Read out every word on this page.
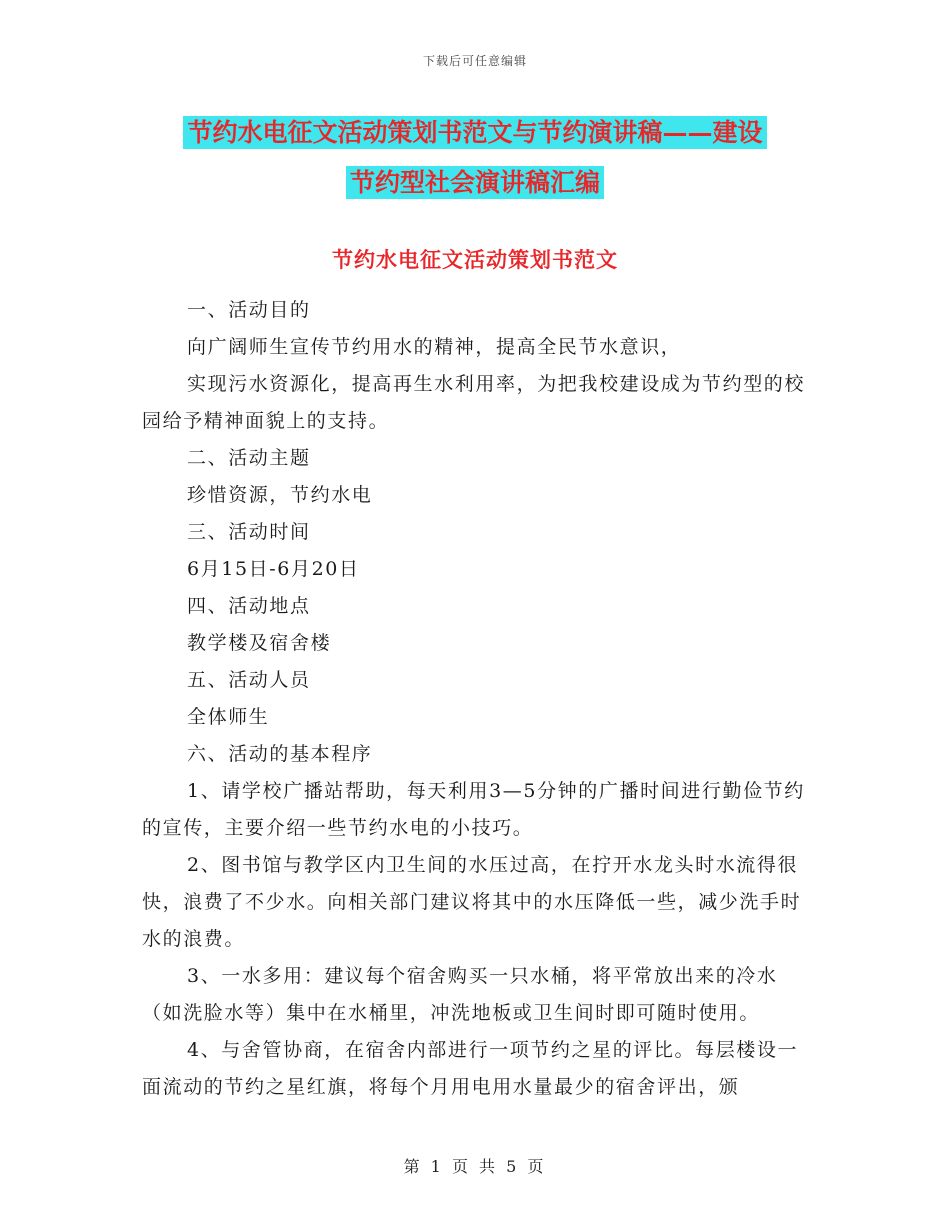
下载后可任意编辑
节约水电征文活动策划书范文与节约演讲稿——建设
节约型社会演讲稿汇编
节约水电征文活动策划书范文

一、活动目的

向广阔师生宣传节约用水的精神，提高全民节水意识，

实现污水资源化，提高再生水利用率，为把我校建设成为节约型的校园给予精神面貌上的支持。

二、活动主题

珍惜资源，节约水电

三、活动时间

6月15日-6月20日

四、活动地点

教学楼及宿舍楼

五、活动人员

全体师生

六、活动的基本程序

1、请学校广播站帮助，每天利用3—5分钟的广播时间进行勤俭节约的宣传，主要介绍一些节约水电的小技巧。

2、图书馆与教学区内卫生间的水压过高，在拧开水龙头时水流得很快，浪费了不少水。向相关部门建议将其中的水压降低一些，减少洗手时水的浪费。

3、一水多用：建议每个宿舍购买一只水桶，将平常放出来的冷水（如洗脸水等）集中在水桶里，冲洗地板或卫生间时即可随时使用。

4、与舍管协商，在宿舍内部进行一项节约之星的评比。每层楼设一面流动的节约之星红旗，将每个月用电用水量最少的宿舍评出，颁

第 1 页 共 5 页
